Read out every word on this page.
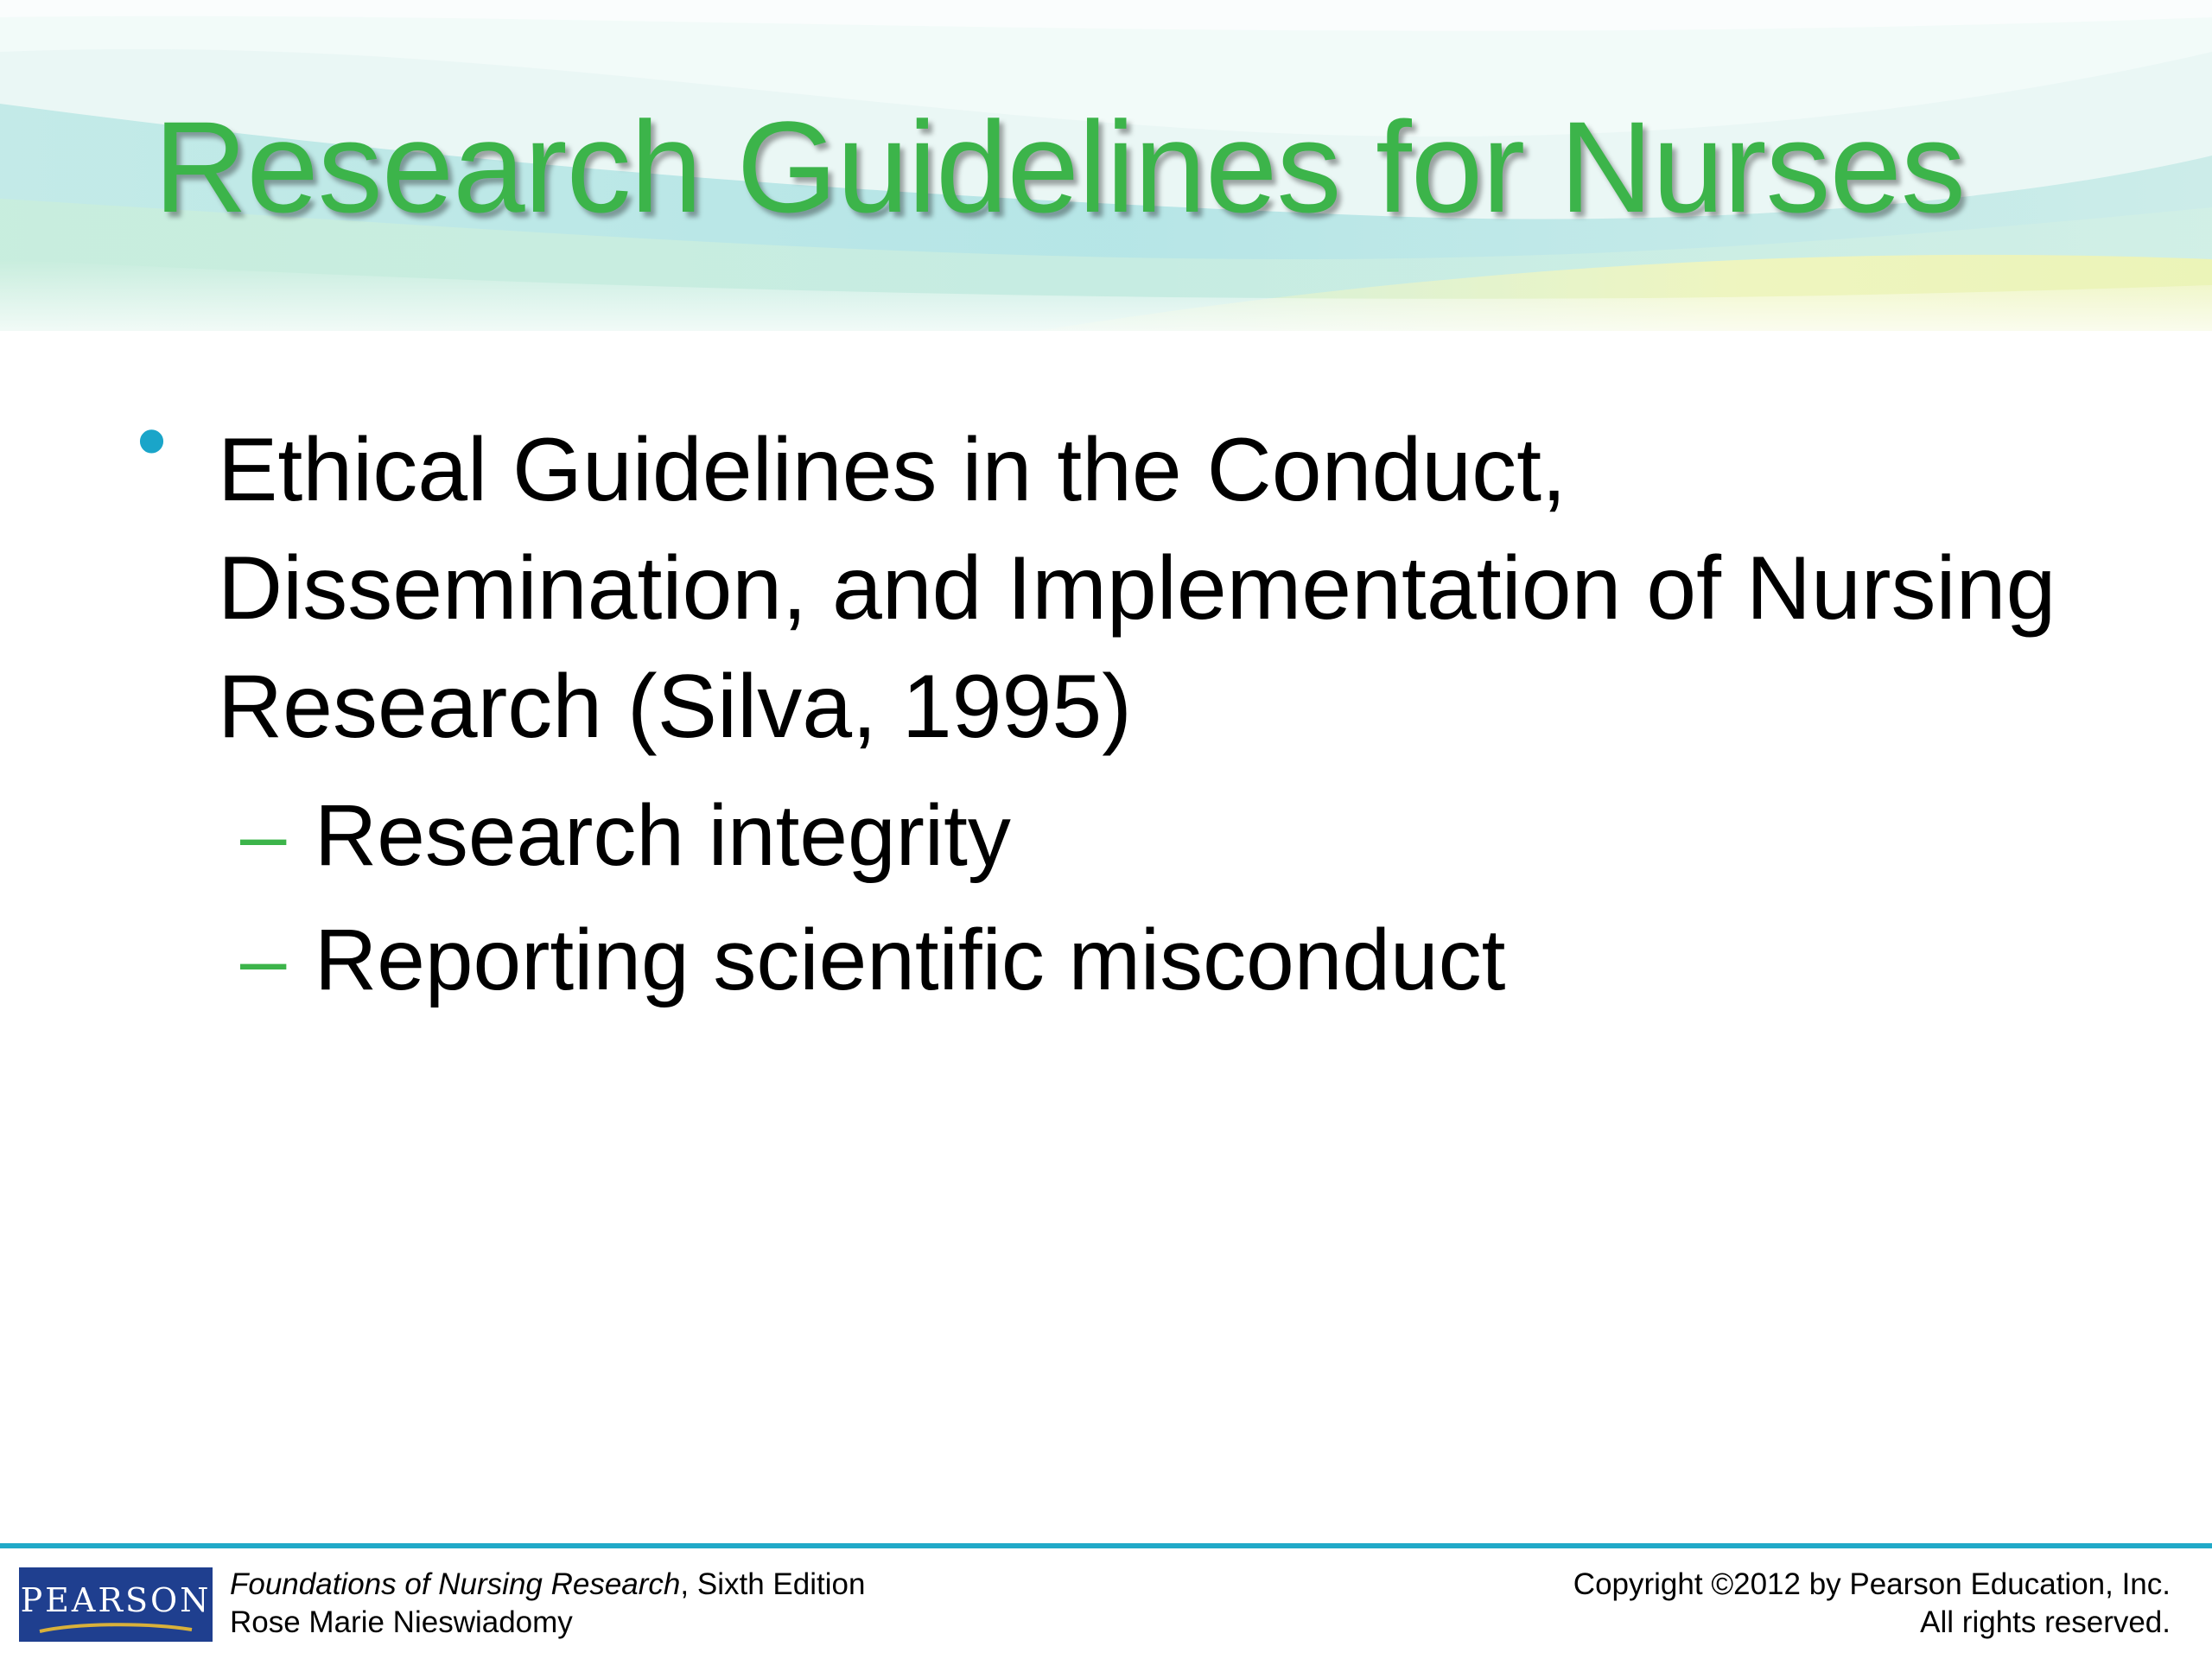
Research Guidelines for Nurses
• Ethical Guidelines in the Conduct, Dissemination, and Implementation of Nursing Research (Silva, 1995)

– Research integrity
– Reporting scientific misconduct
PEARSON Foundations of Nursing Research, Sixth Edition
Rose Marie Nieswiadomy
Copyright ©2012 by Pearson Education, Inc.
All rights reserved.
